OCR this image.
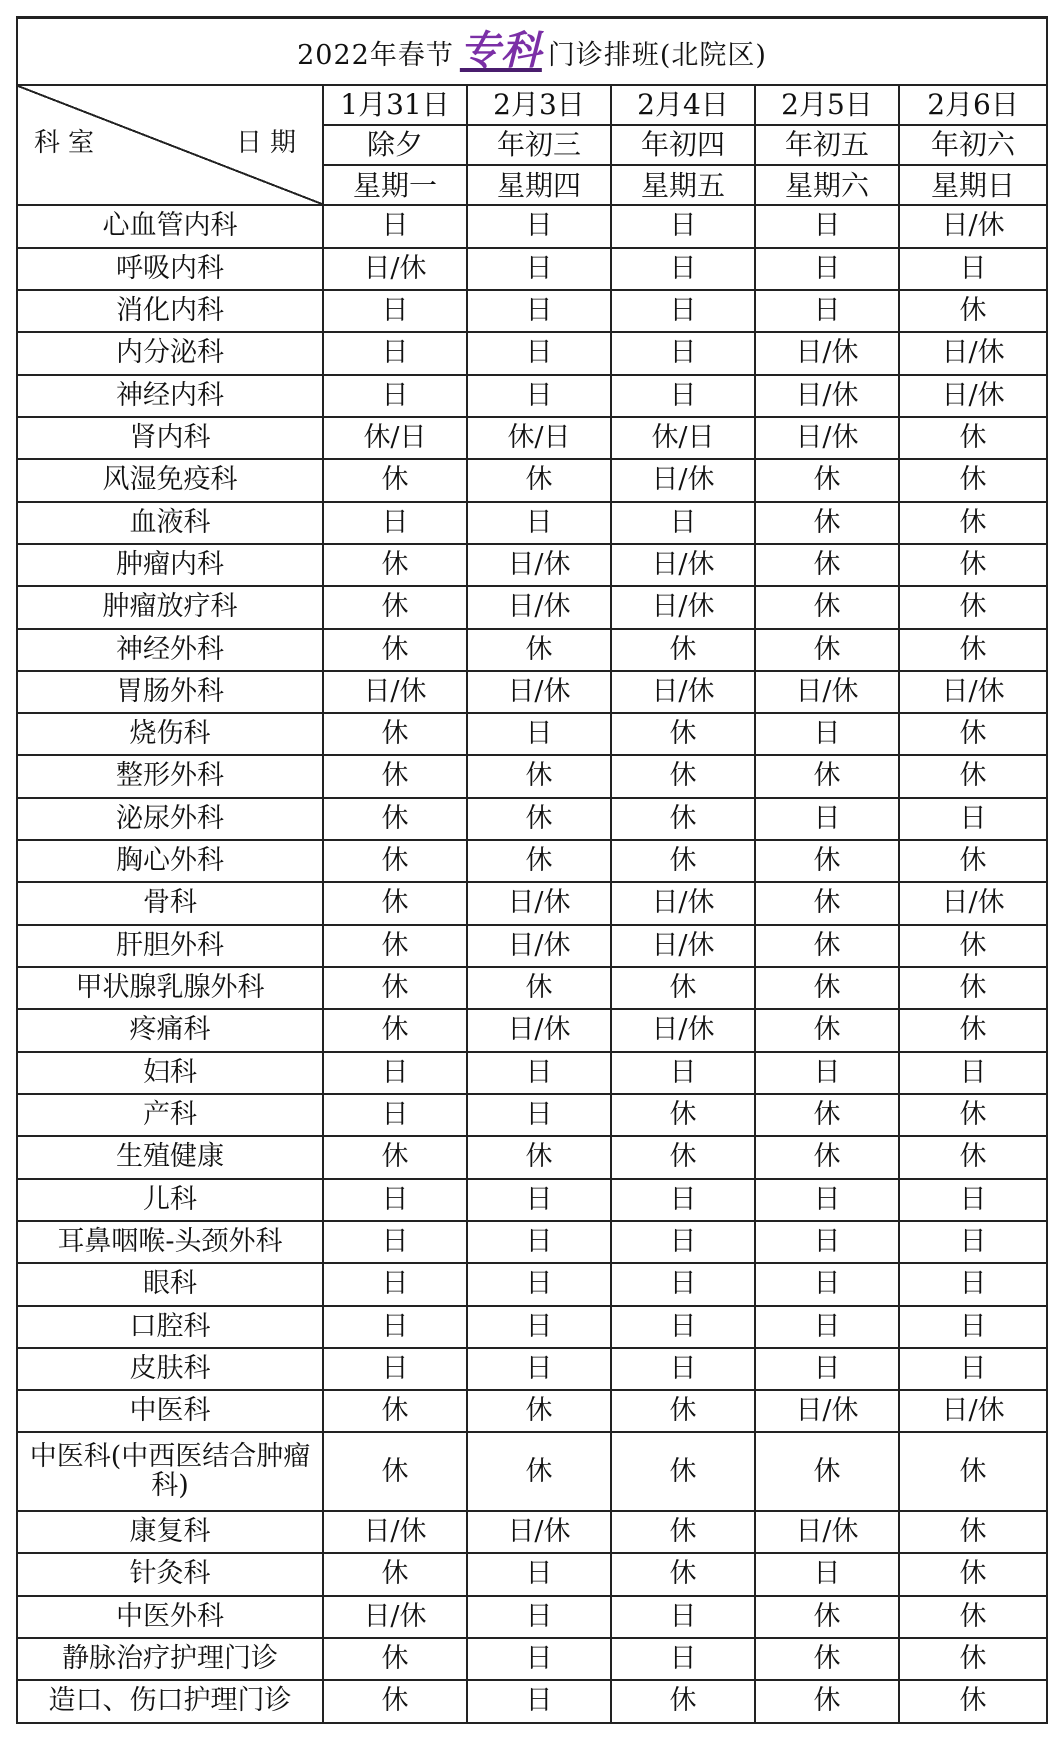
2022年春节 专科 门诊排班(北院区)					

日期
科室	1月31日	2月3日	2月4日	2月5日	2月6日
	除夕	年初三	年初四	年初五	年初六
	星期一	星期四	星期五	星期六	星期日
心血管内科	日	日	日	日	日/休
呼吸内科	日/休	日	日	日	日
消化内科	日	日	日	日	休
内分泌科	日	日	日	日/休	日/休
神经内科	日	日	日	日/休	日/休
肾内科	休/日	休/日	休/日	日/休	休
风湿免疫科	休	休	日/休	休	休
血液科	日	日	日	休	休
肿瘤内科	休	日/休	日/休	休	休
肿瘤放疗科	休	日/休	日/休	休	休
神经外科	休	休	休	休	休
胃肠外科	日/休	日/休	日/休	日/休	日/休
烧伤科	休	日	休	日	休
整形外科	休	休	休	休	休
泌尿外科	休	休	休	日	日
胸心外科	休	休	休	休	休
骨科	休	日/休	日/休	休	日/休
肝胆外科	休	日/休	日/休	休	休
甲状腺乳腺外科	休	休	休	休	休
疼痛科	休	日/休	日/休	休	休
妇科	日	日	日	日	日
产科	日	日	休	休	休
生殖健康	休	休	休	休	休
儿科	日	日	日	日	日
耳鼻咽喉-头颈外科	日	日	日	日	日
眼科	日	日	日	日	日
口腔科	日	日	日	日	日
皮肤科	日	日	日	日	日
中医科	休	休	休	日/休	日/休
中医科(中西医结合肿瘤科)	休	休	休	休	休
康复科	日/休	日/休	休	日/休	休
针灸科	休	日	休	日	休
中医外科	日/休	日	日	休	休
静脉治疗护理门诊	休	日	日	休	休
造口、伤口护理门诊	休	日	休	休	休
